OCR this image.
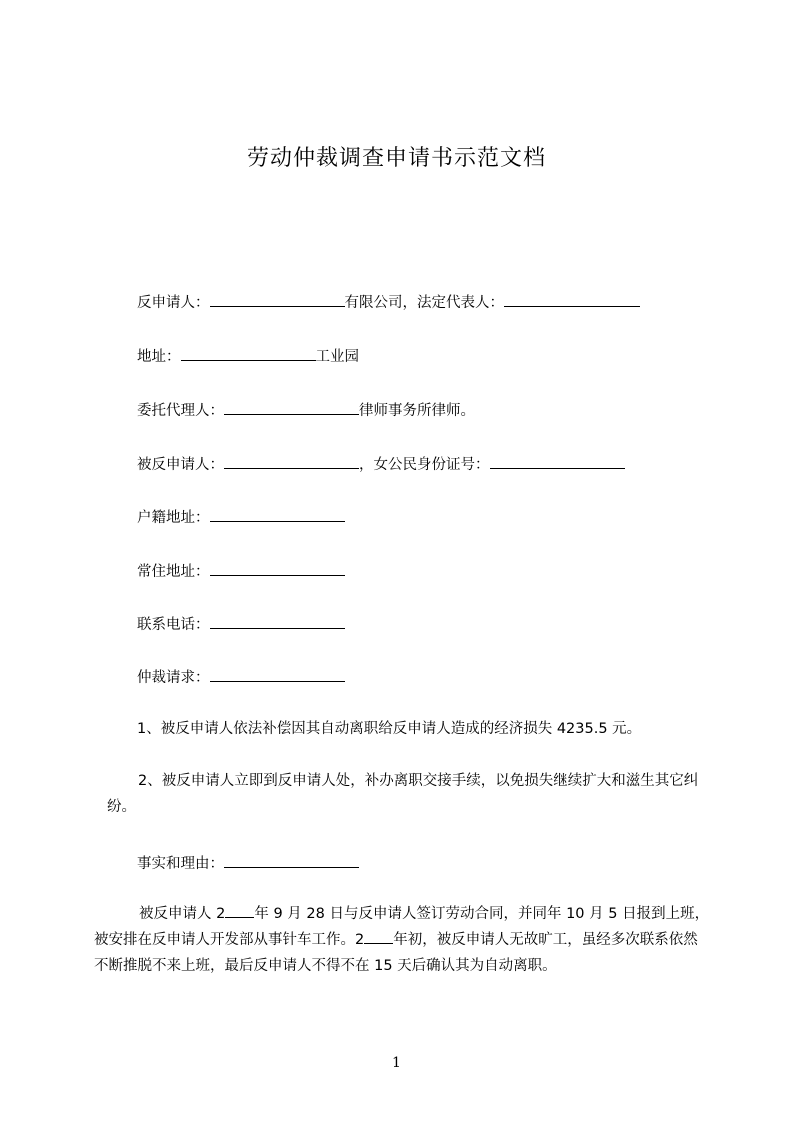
劳动仲裁调查申请书示范文档
反申请人：	有限公司，法定代表人：
地址：	工业园
委托代理人：	律师事务所律师。
被反申请人：	，女公民身份证号：
户籍地址：
常住地址：
联系电话：
仲裁请求：
1、被反申请人依法补偿因其自动离职给反申请人造成的经济损失 4235.5 元。

2、被反申请人立即到反申请人处，补办离职交接手续，以免损失继续扩大和滋生其它纠纷。

事实和理由：

被反申请人 2 年 9 月 28 日与反申请人签订劳动合同，并同年 10 月 5 日报到上班，被安排在反申请人开发部从事针车工作。2 年初，被反申请人无故旷工，虽经多次联系依然不断推脱不来上班，最后反申请人不得不在 15 天后确认其为自动离职。

1
